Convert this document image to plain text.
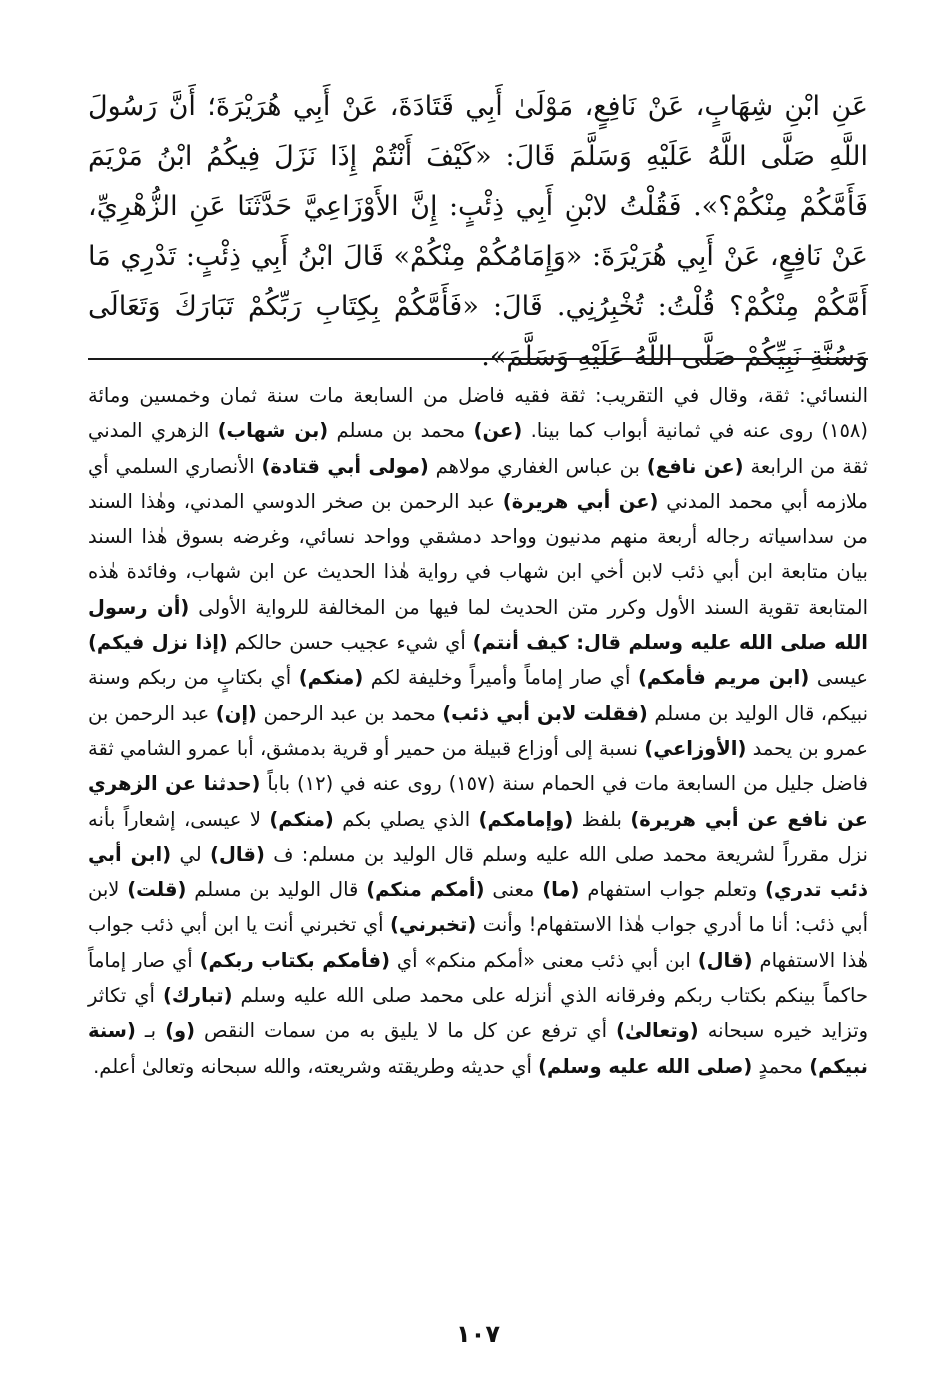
عَنِ ابْنِ شِهَابٍ، عَنْ نَافِعٍ، مَوْلَىٰ أَبِي قَتَادَةَ، عَنْ أَبِي هُرَيْرَةَ؛ أَنَّ رَسُولَ اللَّهِ صَلَّى اللَّهُ عَلَيْهِ وَسَلَّمَ قَالَ: «كَيْفَ أَنْتُمْ إِذَا نَزَلَ فِيكُمُ ابْنُ مَرْيَمَ فَأَمَّكُمْ مِنْكُمْ؟». فَقُلْتُ لابْنِ أَبِي ذِئْبٍ: إِنَّ الأَوْزَاعِيَّ حَدَّثَنَا عَنِ الزُّهْرِيِّ، عَنْ نَافِعٍ، عَنْ أَبِي هُرَيْرَةَ: «وَإِمَامُكُمْ مِنْكُمْ» قَالَ ابْنُ أَبِي ذِئْبٍ: تَدْرِي مَا أَمَّكُمْ مِنْكُمْ؟ قُلْتُ: تُخْبِرُنِي. قَالَ: «فَأَمَّكُمْ بِكِتَابِ رَبِّكُمْ تَبَارَكَ وَتَعَالَى وَسُنَّةِ نَبِيِّكُمْ صَلَّى اللَّهُ عَلَيْهِ وَسَلَّمَ».

النسائي: ثقة، وقال في التقريب: ثقة فقيه فاضل من السابعة مات سنة ثمان وخمسين ومائة (١٥٨) روى عنه في ثمانية أبواب كما بينا. (عن) محمد بن مسلم (بن شهاب) الزهري المدني ثقة من الرابعة (عن نافع) بن عباس الغفاري مولاهم (مولى أبي قتادة) الأنصاري السلمي أي ملازمه أبي محمد المدني (عن أبي هريرة) عبد الرحمن بن صخر الدوسي المدني، وهٰذا السند من سداسياته رجاله أربعة منهم مدنيون وواحد دمشقي وواحد نسائي، وغرضه بسوق هٰذا السند بيان متابعة ابن أبي ذئب لابن أخي ابن شهاب في رواية هٰذا الحديث عن ابن شهاب، وفائدة هٰذه المتابعة تقوية السند الأول وكرر متن الحديث لما فيها من المخالفة للرواية الأولى (أن رسول الله صلى الله عليه وسلم قال: كيف أنتم) أي شيء عجيب حسن حالكم (إذا نزل فيكم) عيسى (ابن مريم فأمكم) أي صار إماماً وأميراً وخليفة لكم (منكم) أي بكتابٍ من ربكم وسنة نبيكم، قال الوليد بن مسلم (فقلت لابن أبي ذئب) محمد بن عبد الرحمن (إن) عبد الرحمن بن عمرو بن يحمد (الأوزاعي) نسبة إلى أوزاع قبيلة من حمير أو قرية بدمشق، أبا عمرو الشامي ثقة فاضل جليل من السابعة مات في الحمام سنة (١٥٧) روى عنه في (١٢) باباً (حدثنا عن الزهري عن نافع عن أبي هريرة) بلفظ (وإمامكم) الذي يصلي بكم (منكم) لا عيسى، إشعاراً بأنه نزل مقرراً لشريعة محمد صلى الله عليه وسلم قال الوليد بن مسلم: ف (قال) لي (ابن أبي ذئب تدري) وتعلم جواب استفهام (ما) معنى (أمكم منكم) قال الوليد بن مسلم (قلت) لابن أبي ذئب: أنا ما أدري جواب هٰذا الاستفهام! وأنت (تخبرني) أي تخبرني أنت يا ابن أبي ذئب جواب هٰذا الاستفهام (قال) ابن أبي ذئب معنى «أمكم منكم» أي (فأمكم بكتاب ربكم) أي صار إماماً حاكماً بينكم بكتاب ربكم وفرقانه الذي أنزله على محمد صلى الله عليه وسلم (تبارك) أي تكاثر وتزايد خيره سبحانه (وتعالىٰ) أي ترفع عن كل ما لا يليق به من سمات النقص (و) بـ (سنة نبيكم) محمدٍ (صلى الله عليه وسلم) أي حديثه وطريقته وشريعته، والله سبحانه وتعالىٰ أعلم.

١٠٧
